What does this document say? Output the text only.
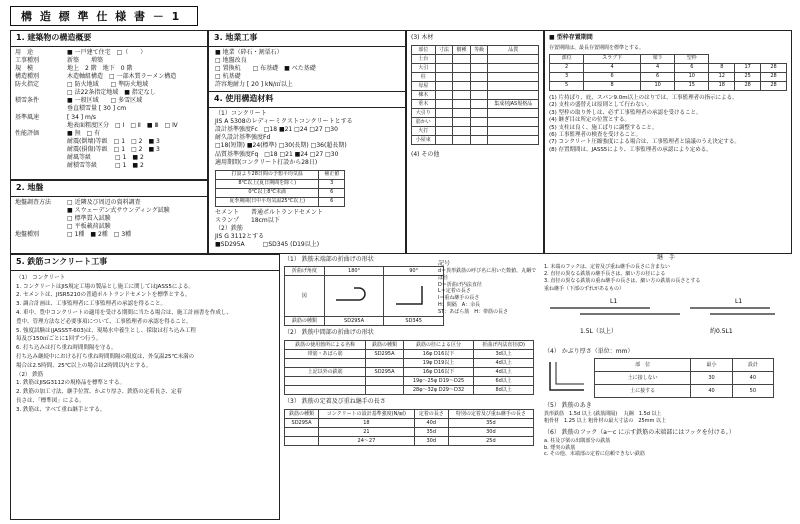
構 造 標 準 仕 様 書 － 1
1. 建築物の構造概要
用　途	■ 一戸建て住宅　□（　　）
工事種別	新築　　増築
規　模	地上　2 階　地下　0 階
構造種別	木造軸組構造　□ 一部木質ラーメン構造
防火指定	□ 防火地域　　□ 準防火地域
□ 法22条指定地域　■ 指定なし
積雪条件	■ 一般区域　　□ 多雪区域
垂直積雪量 [ 30 ] cm
基準風速	[ 34 ] m/s
地表面粗度区分　□ Ⅰ　□ Ⅱ　■ Ⅲ　□ Ⅳ
性能評価	■ 無　□ 有
耐震(倒壊)等級　□ 1　□ 2　■ 3
耐震(損傷)等級　□ 1　□ 2　■ 3
耐風等級　　　　□ 1　■ 2
耐積雪等級　　　□ 1　■ 2
2. 地盤
地盤調査方法	□ 近隣及び周辺の資料調査
■ スウェーデン式サウンディング試験
□ 標準貫入試験
□ 平板載荷試験
地盤種別	□ 1種　■ 2種　□ 3種
3. 地業工事
■ 地業（砕石・割栗石）
□ 地盤改良
□ 置換杭　　□ 布基礎　■ べた基礎
□ 杭基礎
許容地耐力 [ 20 ] kN/㎡以上
4. 使用構造材料
（1）コンクリート
JIS A 5308のレディーミクストコンクリートとする
設計基準強度Fc　□18 ■21 □24 □27 □30
耐久設計基準強度Fd
□18(短期) ■24(標準) □30(長期) □36(超長期)
品質基準強度Fq　□18 □21 ■24 □27 □30
適用期間(コンクリート打設から28日)
打設より28日間の予想平均気温	補正値
8℃以上(夏日期間を除く)	3
0℃以上8℃未満	6
夏季期間(日中平均気温25℃以上)	6
セメント　　普通ポルトランドセメント
スランプ　　18cm以下
（2）鉄筋
JIS G 3112とする
■SD295A　　　□SD345 (D19以上)
(3) 木材
部位	寸法	樹種	等級	品質
土台				
大引				
柱				
母屋				
棟木				
垂木				集成材JAS規格品
大引り				
筋かい				
火打				
小屋束				
(4) その他
■ 型枠存置期間
存置期間は、最長存置期間を標準とする。
部位	スラブ下	梁下	型枠			
2	4	4	6	8	17	28
3	6	6	10	12	25	28
5	8	10	15	18	28	28
(1) 片持ばり、庇、スパン9.0m以上のはりでは、工事監理者の指示による。
(2) 支柱の盛替えは原則として行わない。
(3) 型枠の取り外しは、必ず工事監理者の承認を受けること。
(4) 継ぎ目は所定の位置とする。
(5) 支柱は良く、施工ばりに調整すること。
(6) 工事監理者の検査を受けること。
(7) コンクリート圧縮強度による場合は、工事監理者と協議のうえ決定する。
(8) 存置期間は、JASS5により、工事監理者の承認により定める。
5. 鉄筋コンクリート工事
（1） コンクリート
1. コンクリートはJIS規定工場の製品とし施工に関してはJASS5による。
2. セメントは、JISR5210の普通ポルトランドセメントを標準とする。
3. 調合計画は、工事監理者に工事監理者の承認を得ること。
4. 車中、豊中コンクリートの適用を受ける期間に当たる場合は、施工計画書を作成し、
豊中、管理方法など必要事項について、工事監理者の承認を得ること。
5. 強度試験は(JASS5T-603)は、現場水中養生とし、採取は打ち込み工程
毎及び150㎥ごとに1回ずつ行う。
6. 打ち込みは打ち重ね時間間隔を守る。
打ち込み継続中における打ち重ね時間間隔の限度は、外気温25℃未満の
場合は2.5時間、25℃以上の場合は2時間以内とする。
（2） 鉄筋
1. 鉄筋はJISG3112の規格品を標準とする。
2. 鉄筋の加工寸法、継手位置、かぶり厚さ、鉄筋の定着長さ、定着
長さは、「標準図」による。
3. 鉄筋は、すべて重ね継手とする。
（1） 鉄筋末端部の折曲げの形状
折曲げ角度	180°	90°
図		
鉄筋の種類	SD295A	SD345
（2） 鉄筋中間部の折曲げの形状
鉄筋の使用箇所による名称	鉄筋の種類	鉄筋の径による区分	折曲げ内法直径(D)
帯筋・あばら筋	SD295A	16φ D16以下	3d以上
		19φ D19以上	4d以上
上記以外の鉄筋	SD295A	16φ D16以下	4d以上
		19φ〜25φ D19〜D25	6d以上
		28φ〜32φ D29〜D32	8d以上
（3） 鉄筋の定着及び重ね継手の長さ
鉄筋の種類	コンクリートの設計基準強度(N/㎟)	定着の長さ	特別の定着及び重ね継手の長さ
SD295A	18	40d	35d
	21	35d	30d
	24〜27	30d	25d
記号
d＝異形鉄筋の呼び名に用いた数値、丸鋼では径
D＝折曲げ内法直径
L＝定着の長さ
l＝重ね継手の長さ
H：間隔　A：余長
ST：あばら筋　H：帯筋の長さ
継　手
1. 末端のフックは、定着及び重ね継手の長さに含まない
2. 直径の異なる鉄筋の継手長さは、細い方の径による
3. 直径の異なる鉄筋の重ね継手の長さは、細い方の鉄筋の長さとする
重ね継手（下部のずれがあるもの）
L1	L1
1.5L（以上）	約0.5L1
（4） かぶり厚さ（単位：mm）
部　位	最小	設計
土に接しない	30	40
土に接する	40	50
（5） 鉄筋のあき
異形鉄筋　1.5d 以上 (鉄筋間隔)　 丸鋼　1.5d 以上
粗骨材　1.25 以上 粗骨材の最大寸法の　25mm 以上
（6） 鉄筋のフック（a〜c に示す鉄筋の末端部にはフックを付ける。）
a. 柱及び梁の出隅部分の鉄筋
b. 煙突の鉄筋
c. その他、末端部の定着に信頼できない鉄筋
